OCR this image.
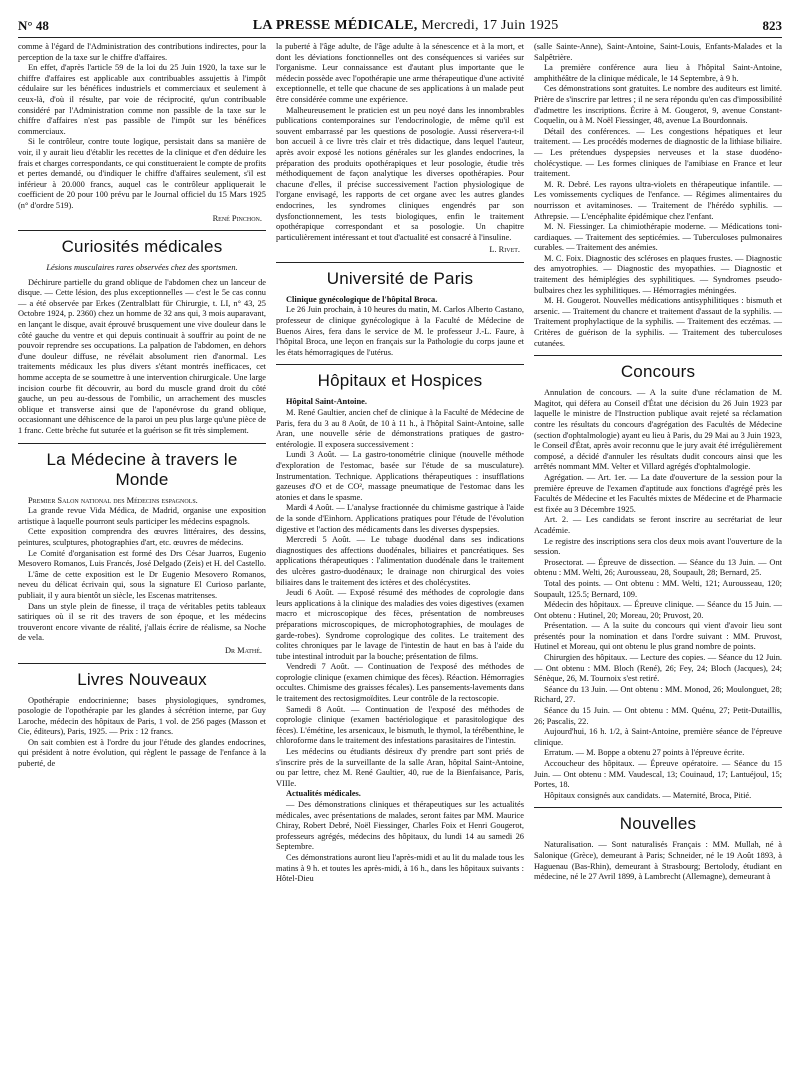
N° 48	LA PRESSE MÉDICALE, Mercredi, 17 Juin 1925	823

comme à l'égard de l'Administration des contributions indirectes, pour la perception de la taxe sur le chiffre d'affaires.

En effet, d'après l'article 59 de la loi du 25 Juin 1920, la taxe sur le chiffre d'affaires est applicable aux contribuables assujettis à l'impôt cédulaire sur les bénéfices industriels et commerciaux et seulement à ceux-là, d'où il résulte, par voie de réciprocité, qu'un contribuable considéré par l'Administration comme non passible de la taxe sur le chiffre d'affaires n'est pas passible de l'impôt sur les bénéfices commerciaux.

Si le contrôleur, contre toute logique, persistait dans sa manière de voir, il y aurait lieu d'établir les recettes de la clinique et d'en déduire les frais et charges correspondants, ce qui constitueraient le compte de profits et pertes demandé, ou d'indiquer le chiffre d'affaires seulement, s'il est inférieur à 20.000 francs, auquel cas le contrôleur appliquerait le coefficient de 20 pour 100 prévu par le Journal officiel du 15 Mars 1925 (n° d'ordre 519).

René Pinchon.
Curiosités médicales
Lésions musculaires rares observées chez des sportsmen.

Déchirure partielle du grand oblique de l'abdomen chez un lanceur de disque. — Cette lésion, des plus exceptionnelles — c'est le 5e cas connu — a été observée par Erkes (Zentralblatt für Chirurgie, t. LI, n° 43, 25 Octobre 1924, p. 2360) chez un homme de 32 ans qui, 3 mois auparavant, en lançant le disque, avait éprouvé brusquement une vive douleur dans le côté gauche du ventre et qui depuis continuait à souffrir au point de ne pouvoir reprendre ses occupations. La palpation de l'abdomen, en dehors d'une douleur diffuse, ne révélait absolument rien d'anormal. Les traitements médicaux les plus divers s'étant montrés inefficaces, cet homme accepta de se soumettre à une intervention chirurgicale. Une large incision courbe fit découvrir, au bord du muscle grand droit du côté gauche, un peu au-dessous de l'ombilic, un arrachement des muscles oblique et transverse ainsi que de l'aponévrose du grand oblique, occasionnant une déhiscence de la paroi un peu plus large qu'une pièce de 1 franc. Cette brèche fut suturée et la guérison se fit très simplement.

La Médecine à travers le Monde

Premier Salon national des Médecins espagnols.

La grande revue Vida Médica, de Madrid, organise une exposition artistique à laquelle pourront seuls participer les médecins espagnols.

Cette exposition comprendra des œuvres littéraires, des dessins, peintures, sculptures, photographies d'art, etc. œuvres de médecins.

Le Comité d'organisation est formé des Drs César Juarros, Eugenio Mesovero Romanos, Luis Francés, José Delgado (Zeis) et H. del Castello.

L'âme de cette exposition est le Dr Eugenio Mesovero Romanos, neveu du délicat écrivain qui, sous la signature El Curioso parlante, publiait, il y aura bientôt un siècle, les Escenas matritenses.

Dans un style plein de finesse, il traça de véritables petits tableaux satiriques où il se rit des travers de son époque, et les médecins trouveront encore vivante de réalité, j'allais écrire de réalisme, sa Noche de vela.

Dr Mathé.
Livres Nouveaux

Opothérapie endocrinienne; bases physiologiques, syndromes, posologie de l'opothérapie par les glandes à sécrétion interne, par Guy Laroche, médecin des hôpitaux de Paris, 1 vol. de 256 pages (Masson et Cie, éditeurs), Paris, 1925. — Prix : 12 francs.

On sait combien est à l'ordre du jour l'étude des glandes endocrines, qui président à notre évolution, qui règlent le passage de l'enfance à la puberté, de

la puberté à l'âge adulte, de l'âge adulte à la sénescence et à la mort, et dont les déviations fonctionnelles ont des conséquences si variées sur l'organisme. Leur connaissance est d'autant plus importante que le médecin possède avec l'opothérapie une arme thérapeutique d'une activité exceptionnelle, et telle que chacune de ses applications à un malade peut être considérée comme une expérience.

Malheureusement le praticien est un peu noyé dans les innombrables publications contemporaines sur l'endocrinologie, de même qu'il est souvent embarrassé par les questions de posologie. Aussi réservera-t-il bon accueil à ce livre très clair et très didactique, dans lequel l'auteur, après avoir exposé les notions générales sur les glandes endocrines, la préparation des produits opothérapiques et leur posologie, étudie très méthodiquement de façon analytique les diverses opothérapies. Pour chacune d'elles, il précise successivement l'action physiologique de l'organe envisagé, les rapports de cet organe avec les autres glandes endocrines, les syndromes cliniques engendrés par son dysfonctionnement, les tests biologiques, enfin le traitement opothérapique correspondant et sa posologie. Un chapitre particulièrement intéressant et tout d'actualité est consacré à l'insuline.

L. Rivet.
Université de Paris

Clinique gynécologique de l'hôpital Broca.

Le 26 Juin prochain, à 10 heures du matin, M. Carlos Alberto Castano, professeur de clinique gynécologique à la Faculté de Médecine de Buenos Aires, fera dans le service de M. le professeur J.-L. Faure, à l'hôpital Broca, une leçon en français sur la Pathologie du corps jaune et les états hémorragiques de l'utérus.

Hôpitaux et Hospices

Hôpital Saint-Antoine.

M. René Gaultier, ancien chef de clinique à la Faculté de Médecine de Paris, fera du 3 au 8 Août, de 10 à 11 h., à l'hôpital Saint-Antoine, salle Aran, une nouvelle série de démonstrations pratiques de gastro-entérologie. Il exposera successivement :

Lundi 3 Août. — La gastro-tonométrie clinique (nouvelle méthode d'exploration de l'estomac, basée sur l'étude de sa musculature). Instrumentation. Technique. Applications thérapeutiques : insufflations gazeuses d'O et de CO², massage pneumatique de l'estomac dans les atonies et dans le spasme.

Mardi 4 Août. — L'analyse fractionnée du chimisme gastrique à l'aide de la sonde d'Einhorn. Applications pratiques pour l'étude de l'évolution digestive et l'action des médicaments dans les diverses dyspepsies.

Mercredi 5 Août. — Le tubage duodénal dans ses indications diagnostiques des affections duodénales, biliaires et pancréatiques. Ses applications thérapeutiques : l'alimentation duodénale dans le traitement des ulcères gastro-duodénaux; le drainage non chirurgical des voies biliaires dans le traitement des ictères et des cholécystites.

Jeudi 6 Août. — Exposé résumé des méthodes de coprologie dans leurs applications à la clinique des maladies des voies digestives (examen macro et microscopique des fèces, présentation de nombreuses préparations microscopiques, de microphotographies, de moulages de garde-robes). Syndrome coprologique des colites. Le traitement des colites chroniques par le lavage de l'intestin de haut en bas à l'aide du tube intestinal introduit par la bouche; présentation de films.

Vendredi 7 Août. — Continuation de l'exposé des méthodes de coprologie clinique (examen chimique des fèces). Réaction. Hémorragies occultes. Chimisme des graisses fécales). Les pansements-lavements dans le traitement des rectosigmoïdites. Leur contrôle de la rectoscopie.

Samedi 8 Août. — Continuation de l'exposé des méthodes de coprologie clinique (examen bactériologique et parasitologique des fèces). L'émétine, les arsenicaux, le bismuth, le thymol, la térébenthine, le chloroforme dans le traitement des infestations parasitaires de l'intestin.

Les médecins ou étudiants désireux d'y prendre part sont priés de s'inscrire près de la surveillante de la salle Aran, hôpital Saint-Antoine, ou par lettre, chez M. René Gaultier, 40, rue de la Bienfaisance, Paris, VIIIe.

Actualités médicales.

— Des démonstrations cliniques et thérapeutiques sur les actualités médicales, avec présentations de malades, seront faites par MM. Maurice Chiray, Robert Debré, Noël Fiessinger, Charles Foix et Henri Gougerot, professeurs agrégés, médecins des hôpitaux, du lundi 14 au samedi 26 Septembre.

Ces démonstrations auront lieu l'après-midi et au lit du malade tous les matins à 9 h. et toutes les après-midi, à 16 h., dans les hôpitaux suivants : Hôtel-Dieu

(salle Sainte-Anne), Saint-Antoine, Saint-Louis, Enfants-Malades et la Salpêtrière.

La première conférence aura lieu à l'hôpital Saint-Antoine, amphithéâtre de la clinique médicale, le 14 Septembre, à 9 h.

Ces démonstrations sont gratuites. Le nombre des auditeurs est limité. Prière de s'inscrire par lettres ; il ne sera répondu qu'en cas d'impossibilité d'admettre les inscriptions. Écrire à M. Gougerot, 9, avenue Constant-Coquelin, ou à M. Noël Fiessinger, 48, avenue La Bourdonnais.

Détail des conférences. — Les congestions hépatiques et leur traitement. — Les procédés modernes de diagnostic de la lithiase biliaire. — Les prétendues dyspepsies nerveuses et la stase duodéno-cholécystique. — Les formes cliniques de l'amibiase en France et leur traitement.

M. R. Debré. Les rayons ultra-violets en thérapeutique infantile. — Les vomissements cycliques de l'enfance. — Régimes alimentaires du nourrisson et avitaminoses. — Traitement de l'hérédo syphilis. — Athrepsie. — L'encéphalite épidémique chez l'enfant.

M. N. Fiessinger. La chimiothérapie moderne. — Médications toni-cardiaques. — Traitement des septicémies. — Tuberculoses pulmonaires curables. — Traitement des anémies.

M. C. Foix. Diagnostic des scléroses en plaques frustes. — Diagnostic des amyotrophies. — Diagnostic des myopathies. — Diagnostic et traitement des hémiplégies des syphilitiques. — Syndromes pseudo-bulbaires chez les syphilitiques. — Hémorragies méningées.

M. H. Gougerot. Nouvelles médications antisyphilitiques : bismuth et arsenic. — Traitement du chancre et traitement d'assaut de la syphilis. — Traitement prophylactique de la syphilis. — Traitement des eczémas. — Critères de guérison de la syphilis. — Traitement des tuberculoses cutanées.

Concours

Annulation de concours. — A la suite d'une réclamation de M. Magitot, qui défera au Conseil d'État une décision du 26 Juin 1923 par laquelle le ministre de l'Instruction publique avait rejeté sa réclamation contre les résultats du concours d'agrégation des Facultés de Médecine (section d'ophtalmologie) ayant eu lieu à Paris, du 29 Mai au 3 Juin 1923, le Conseil d'État, après avoir reconnu que le jury avait été irrégulièrement composé, a décidé d'annuler les résultats dudit concours ainsi que les arrêtés nommant MM. Velter et Villard agrégés d'ophtalmologie.

Agrégation. — Art. 1er. — La date d'ouverture de la session pour la première épreuve de l'examen d'aptitude aux fonctions d'agrégé près les Facultés de Médecine et les Facultés mixtes de Médecine et de Pharmacie est fixée au 3 Décembre 1925.

Art. 2. — Les candidats se feront inscrire au secrétariat de leur Académie.

Le registre des inscriptions sera clos deux mois avant l'ouverture de la session.

Prosectorat. — Épreuve de dissection. — Séance du 13 Juin. — Ont obtenu : MM. Welti, 26; Aurousseau, 28, Soupault, 28; Bernard, 25.

Total des points. — Ont obtenu : MM. Welti, 121; Aurousseau, 120; Soupault, 125.5; Bernard, 109.

Médecin des hôpitaux. — Épreuve clinique. — Séance du 15 Juin. — Ont obtenu : Hutinel, 20; Moreau, 20; Pruvost, 20.

Présentation. — A la suite du concours qui vient d'avoir lieu sont présentés pour la nomination et dans l'ordre suivant : MM. Pruvost, Hutinel et Moreau, qui ont obtenu le plus grand nombre de points.

Chirurgien des hôpitaux. — Lecture des copies. — Séance du 12 Juin. — Ont obtenu : MM. Bloch (René), 26; Fey, 24; Bloch (Jacques), 24; Sénèque, 26, M. Tournoix s'est retiré.

Séance du 13 Juin. — Ont obtenu : MM. Monod, 26; Moulonguet, 28; Richard, 27.

Séance du 15 Juin. — Ont obtenu : MM. Quénu, 27; Petit-Dutaillis, 26; Pascalis, 22.

Aujourd'hui, 16 h. 1/2, à Saint-Antoine, première séance de l'épreuve clinique.

Erratum. — M. Boppe a obtenu 27 points à l'épreuve écrite.

Accoucheur des hôpitaux. — Épreuve opératoire. — Séance du 15 Juin. — Ont obtenu : MM. Vaudescal, 13; Couinaud, 17; Lantuéjoul, 15; Portes, 18.

Hôpitaux consignés aux candidats. — Maternité, Broca, Pitié.

Nouvelles

Naturalisation. — Sont naturalisés Français : MM. Mullah, né à Salonique (Grèce), demeurant à Paris; Schneider, né le 19 Août 1893, à Haguenau (Bas-Rhin), demeurant à Strasbourg; Bertolody, étudiant en médecine, né le 27 Avril 1899, à Lambrecht (Allemagne), demeurant à
